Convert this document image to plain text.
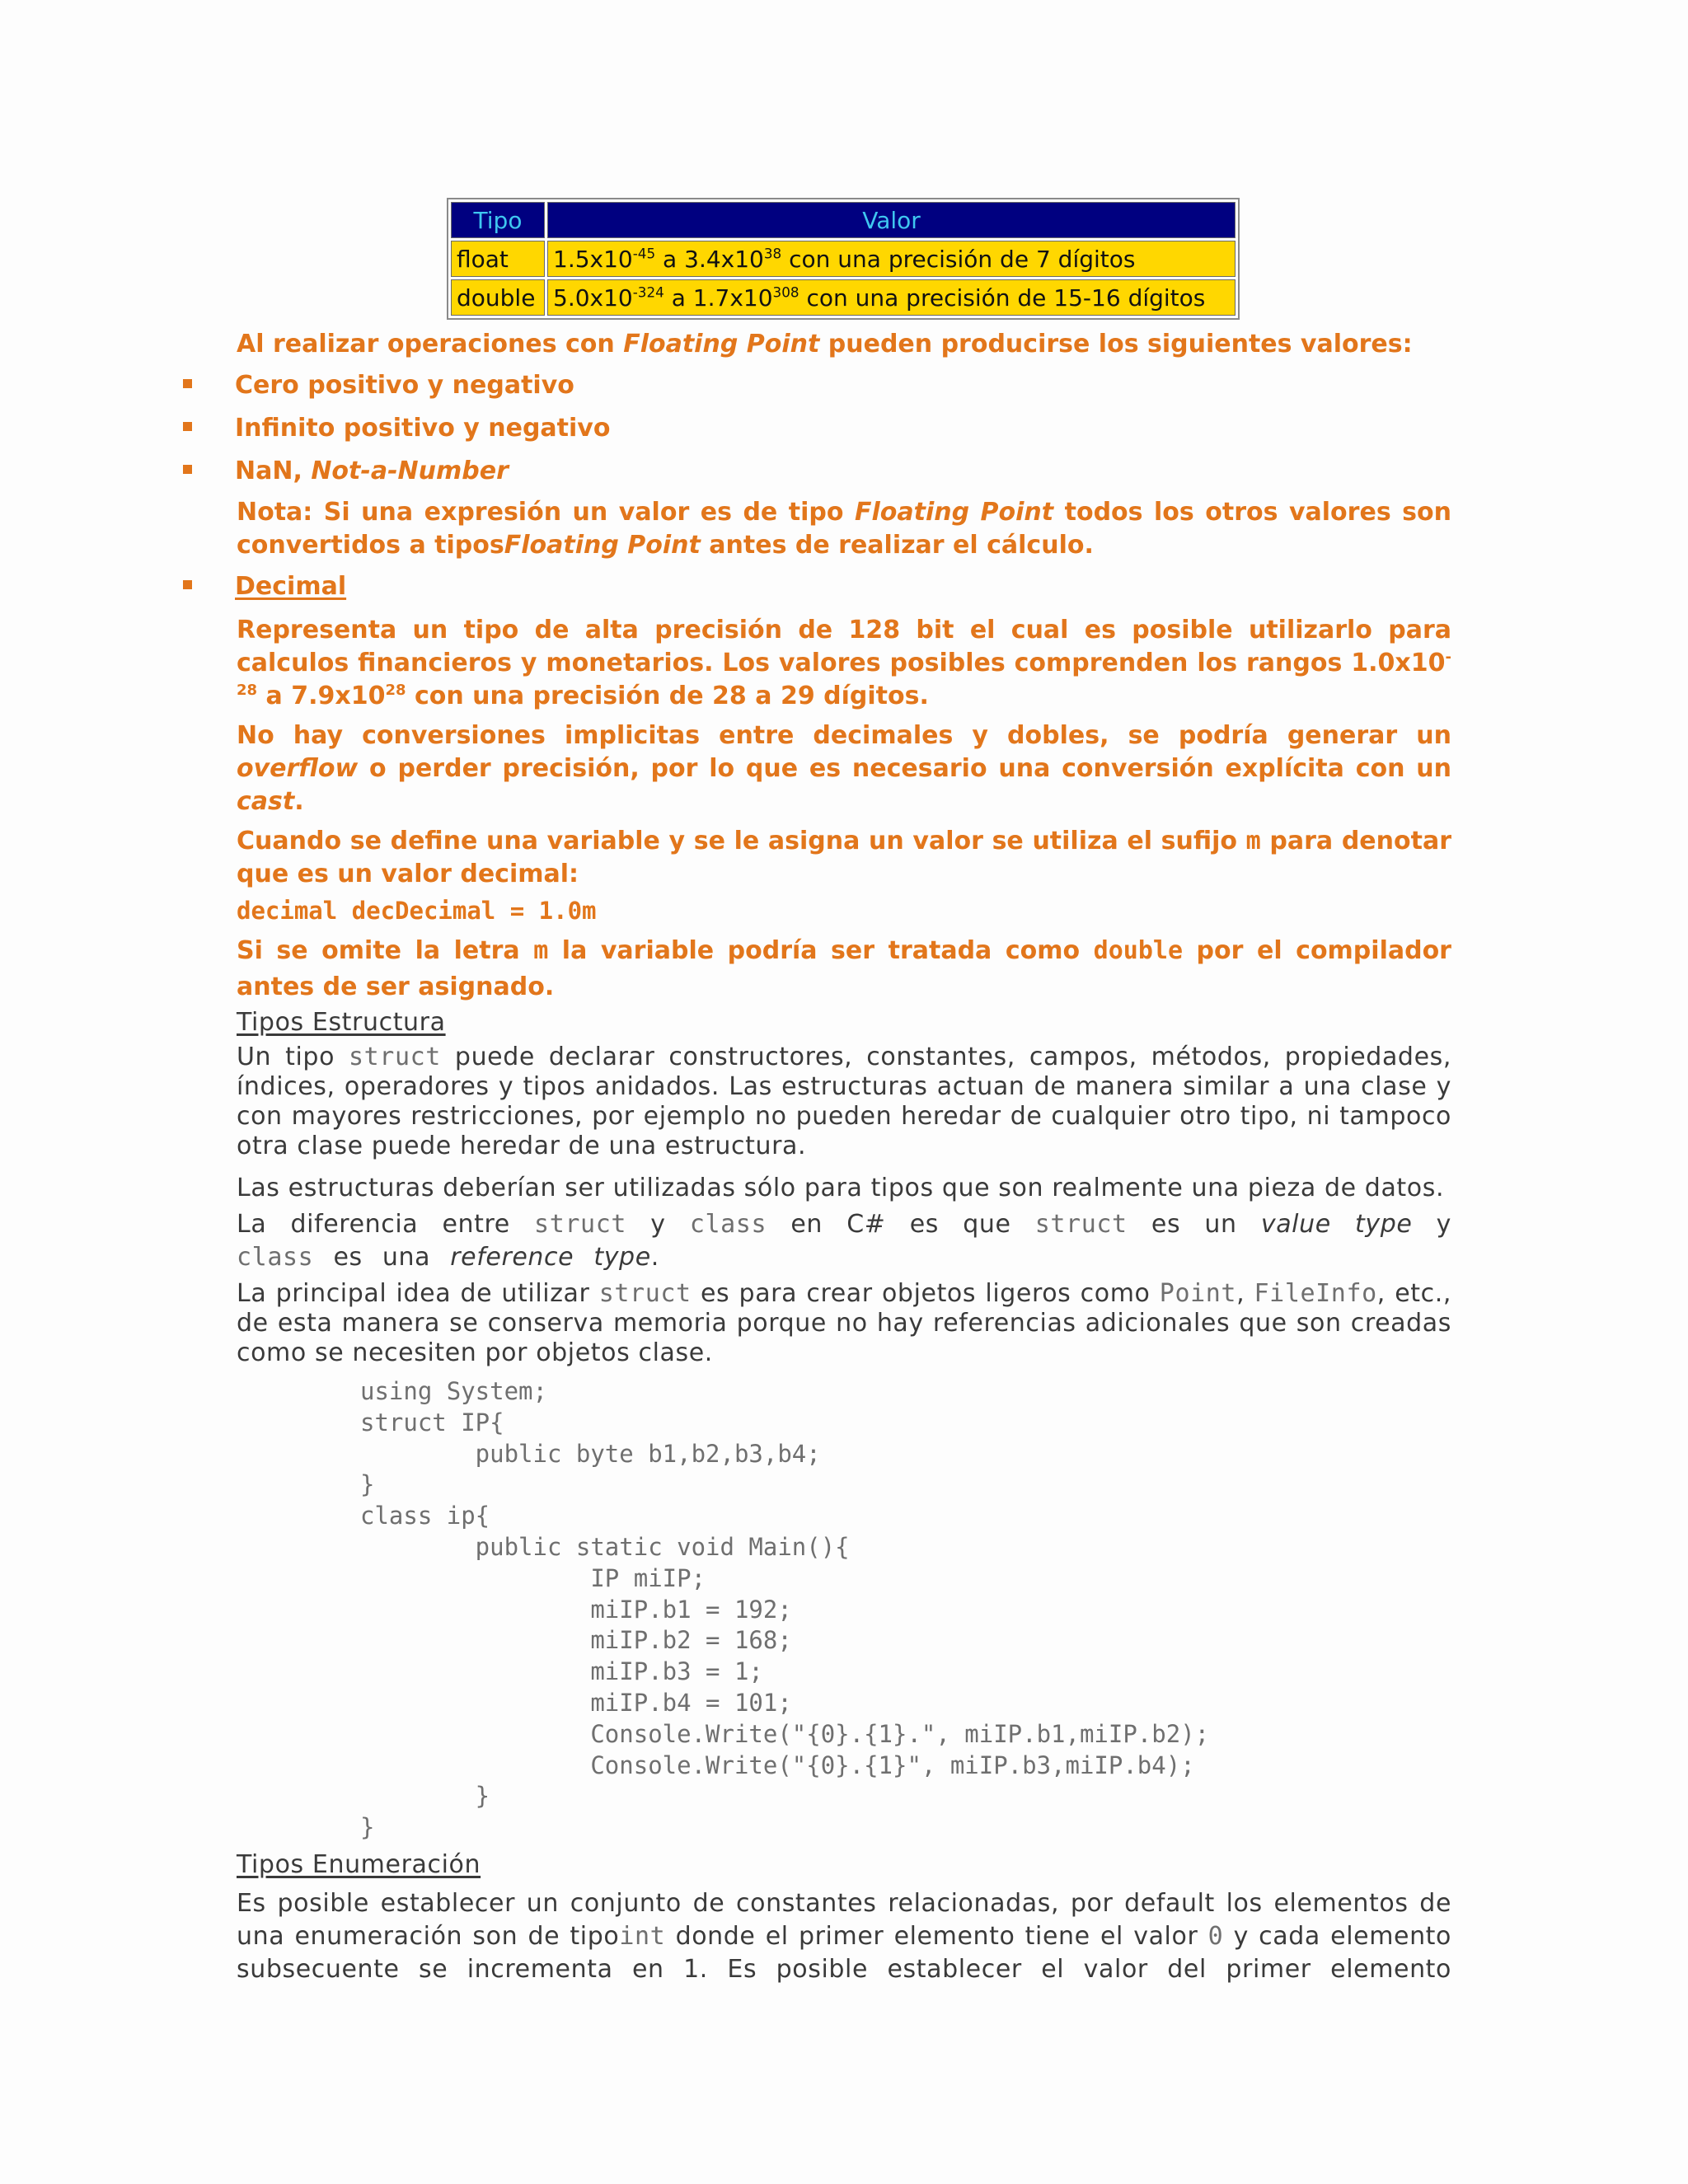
Tipo	Valor
float	$1.5x10^{-45}$ a $3.4x10^{38}$ con una precisión de 7 dígitos
double	$5.0x10^{-324}$ a $1.7x10^{308}$ con una precisión de 15-16 dígitos

Al realizar operaciones con Floating Point pueden producirse los siguientes valores:

Cero positivo y negativo
Infinito positivo y negativo
NaN, Not-a-Number

Nota: Si una expresión un valor es de tipo Floating Point todos los otros valores son convertidos a tiposFloating Point antes de realizar el cálculo.

Decimal

Representa un tipo de alta precisión de 128 bit el cual es posible utilizarlo para calculos financieros y monetarios. Los valores posibles comprenden los rangos $1.0x10^{-28}$ a $7.9x10^{28}$ con una precisión de 28 a 29 dígitos.

No hay conversiones implicitas entre decimales y dobles, se podría generar un overflow o perder precisión, por lo que es necesario una conversión explícita con un cast.

Cuando se define una variable y se le asigna un valor se utiliza el sufijo m para denotar que es un valor decimal:

decimal decDecimal = 1.0m

Si se omite la letra m la variable podría ser tratada como double por el compilador antes de ser asignado.

Tipos Estructura

Un tipo struct puede declarar constructores, constantes, campos, métodos, propiedades, índices, operadores y tipos anidados. Las estructuras actuan de manera similar a una clase y con mayores restricciones, por ejemplo no pueden heredar de cualquier otro tipo, ni tampoco otra clase puede heredar de una estructura.

Las estructuras deberían ser utilizadas sólo para tipos que son realmente una pieza de datos.

La diferencia entre struct y class en C# es que struct es un value type y class es una reference type.

La principal idea de utilizar struct es para crear objetos ligeros como Point, FileInfo, etc., de esta manera se conserva memoria porque no hay referencias adicionales que son creadas como se necesiten por objetos clase.

using System;
struct IP{
public byte b1,b2,b3,b4;
}
class ip{
public static void Main(){
IP miIP;
miIP.b1 = 192;
miIP.b2 = 168;
miIP.b3 = 1;
miIP.b4 = 101;
Console.Write("{0}.{1}.", miIP.b1,miIP.b2);
Console.Write("{0}.{1}", miIP.b3,miIP.b4);
}
}

Tipos Enumeración

Es posible establecer un conjunto de constantes relacionadas, por default los elementos de una enumeración son de tipoint donde el primer elemento tiene el valor 0 y cada elemento subsecuente se incrementa en 1. Es posible establecer el valor del primer elemento
